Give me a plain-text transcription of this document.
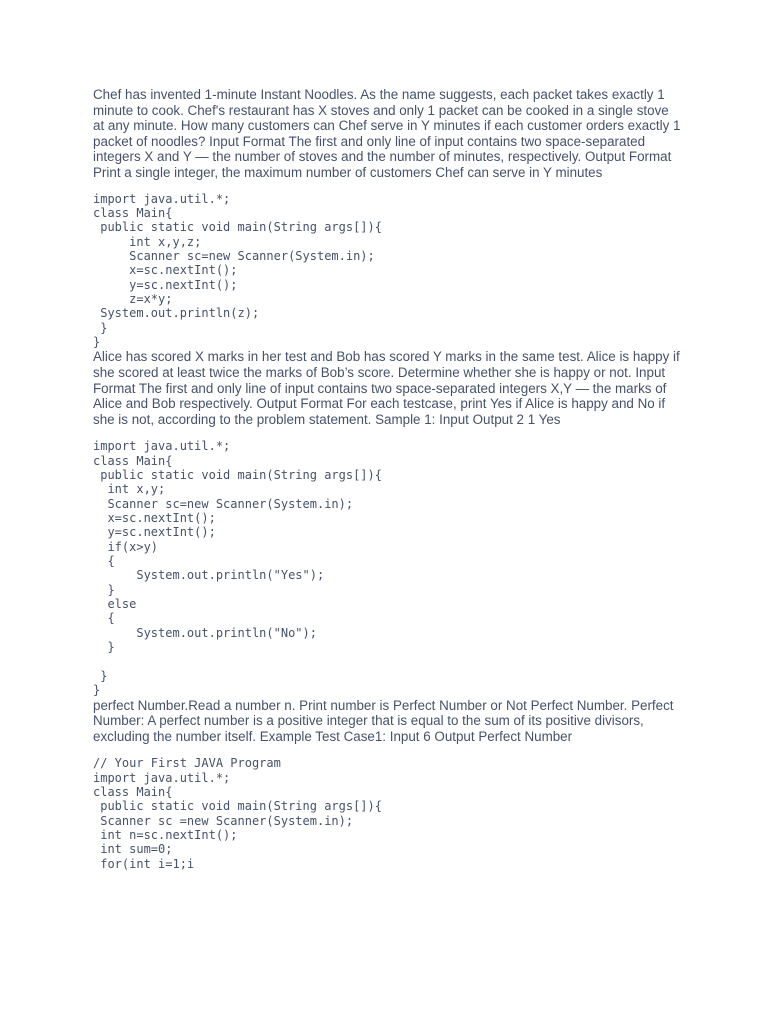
Chef has invented 1-minute Instant Noodles. As the name suggests, each packet takes exactly 1 minute to cook. Chef's restaurant has X stoves and only 1 packet can be cooked in a single stove at any minute. How many customers can Chef serve in Y minutes if each customer orders exactly 1 packet of noodles? Input Format The first and only line of input contains two space-separated integers X and Y — the number of stoves and the number of minutes, respectively. Output Format Print a single integer, the maximum number of customers Chef can serve in Y minutes

import java.util.*;
class Main{
public static void main(String args[]){
int x,y,z;
Scanner sc=new Scanner(System.in);
x=sc.nextInt();
y=sc.nextInt();
z=x*y;
System.out.println(z);
}
}

Alice has scored X marks in her test and Bob has scored Y marks in the same test. Alice is happy if she scored at least twice the marks of Bob’s score. Determine whether she is happy or not. Input Format The first and only line of input contains two space-separated integers X,Y — the marks of Alice and Bob respectively. Output Format For each testcase, print Yes if Alice is happy and No if she is not, according to the problem statement. Sample 1: Input Output 2 1 Yes

import java.util.*;
class Main{
public static void main(String args[]){
int x,y;
Scanner sc=new Scanner(System.in);
x=sc.nextInt();
y=sc.nextInt();
if(x>y)
{
System.out.println("Yes");
}
else
{
System.out.println("No");
}

}
}

perfect Number.Read a number n. Print number is Perfect Number or Not Perfect Number. Perfect Number: A perfect number is a positive integer that is equal to the sum of its positive divisors, excluding the number itself. Example Test Case1: Input 6 Output Perfect Number

// Your First JAVA Program
import java.util.*;
class Main{
public static void main(String args[]){
Scanner sc =new Scanner(System.in);
int n=sc.nextInt();
int sum=0;
for(int i=1;i
